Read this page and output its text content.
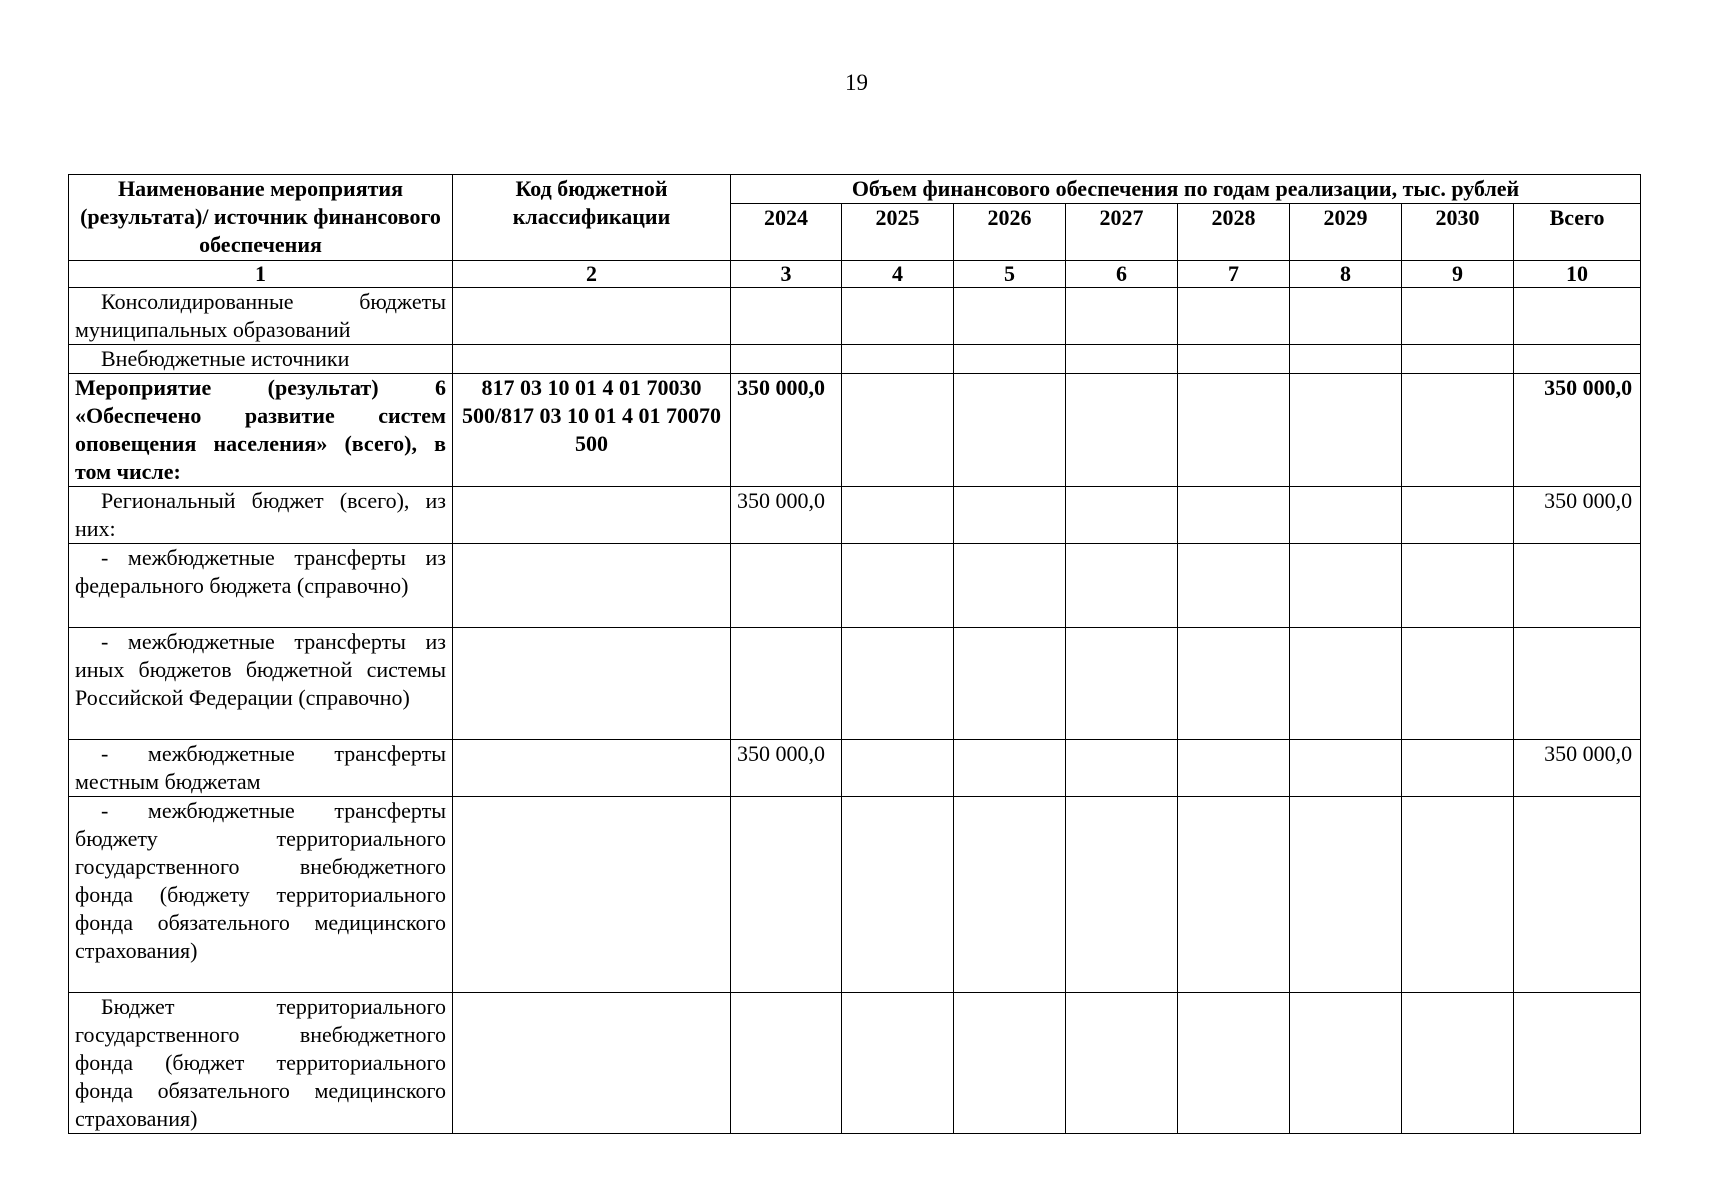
19
Наименование мероприятия (результата)/ источник финансового обеспечения	Код бюджетной классификации	Объем финансового обеспечения по годам реализации, тыс. рублей							
		2024	2025	2026	2027	2028	2029	2030	Всего
1	2	3	4	5	6	7	8	9	10

Консолидированные бюджеты муниципальных образований									

Внебюджетные источники									

Мероприятие (результат) 6 «Обеспечено развитие систем оповещения населения» (всего), в том числе:	817 03 10 01 4 01 70030 500/817 03 10 01 4 01 70070 500	350 000,0							350 000,0

Региональный бюджет (всего), из них:		350 000,0							350 000,0

- межбюджетные трансферты из федерального бюджета (справочно)									

- межбюджетные трансферты из иных бюджетов бюджетной системы Российской Федерации (справочно)									

- межбюджетные трансферты местным бюджетам		350 000,0							350 000,0

- межбюджетные трансферты бюджету территориального государственного внебюджетного фонда (бюджету территориального фонда обязательного медицинского страхования)									

Бюджет территориального государственного внебюджетного фонда (бюджет территориального фонда обязательного медицинского страхования)									
